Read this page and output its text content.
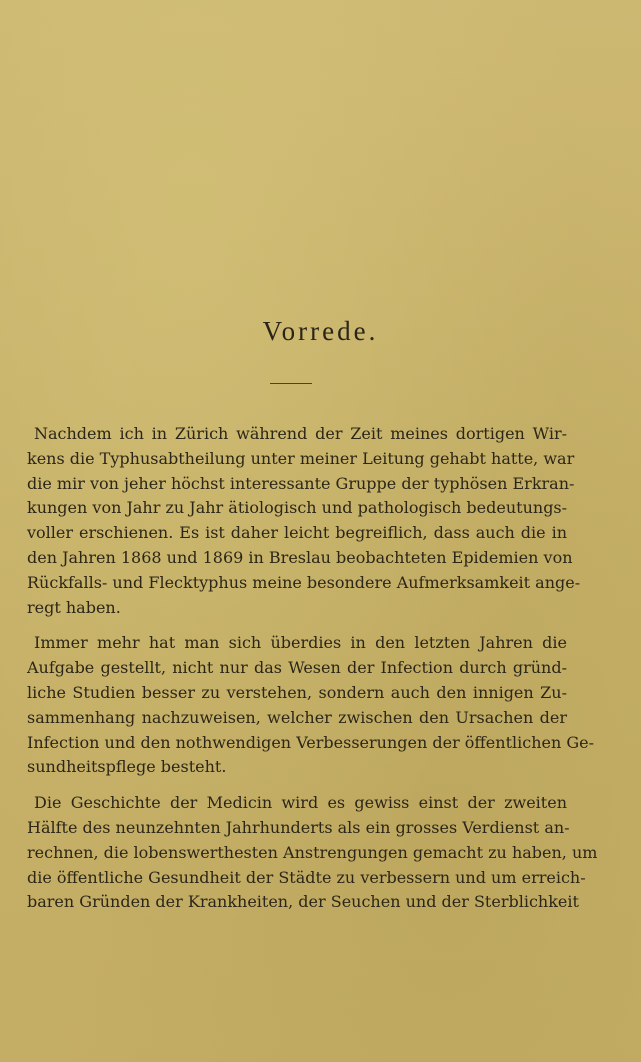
Vorrede.

Nachdem ich in Zürich während der Zeit meines dortigen Wir-
kens die Typhusabtheilung unter meiner Leitung gehabt hatte, war
die mir von jeher höchst interessante Gruppe der typhösen Erkran-
kungen von Jahr zu Jahr ätiologisch und pathologisch bedeutungs-
voller erschienen. Es ist daher leicht begreiflich, dass auch die in
den Jahren 1868 und 1869 in Breslau beobachteten Epidemien von
Rückfalls- und Flecktyphus meine besondere Aufmerksamkeit ange-
regt haben.

Immer mehr hat man sich überdies in den letzten Jahren die
Aufgabe gestellt, nicht nur das Wesen der Infection durch gründ-
liche Studien besser zu verstehen, sondern auch den innigen Zu-
sammenhang nachzuweisen, welcher zwischen den Ursachen der
Infection und den nothwendigen Verbesserungen der öffentlichen Ge-
sundheitspflege besteht.

Die Geschichte der Medicin wird es gewiss einst der zweiten
Hälfte des neunzehnten Jahrhunderts als ein grosses Verdienst an-
rechnen, die lobenswerthesten Anstrengungen gemacht zu haben, um
die öffentliche Gesundheit der Städte zu verbessern und um erreich-
baren Gründen der Krankheiten, der Seuchen und der Sterblichkeit
